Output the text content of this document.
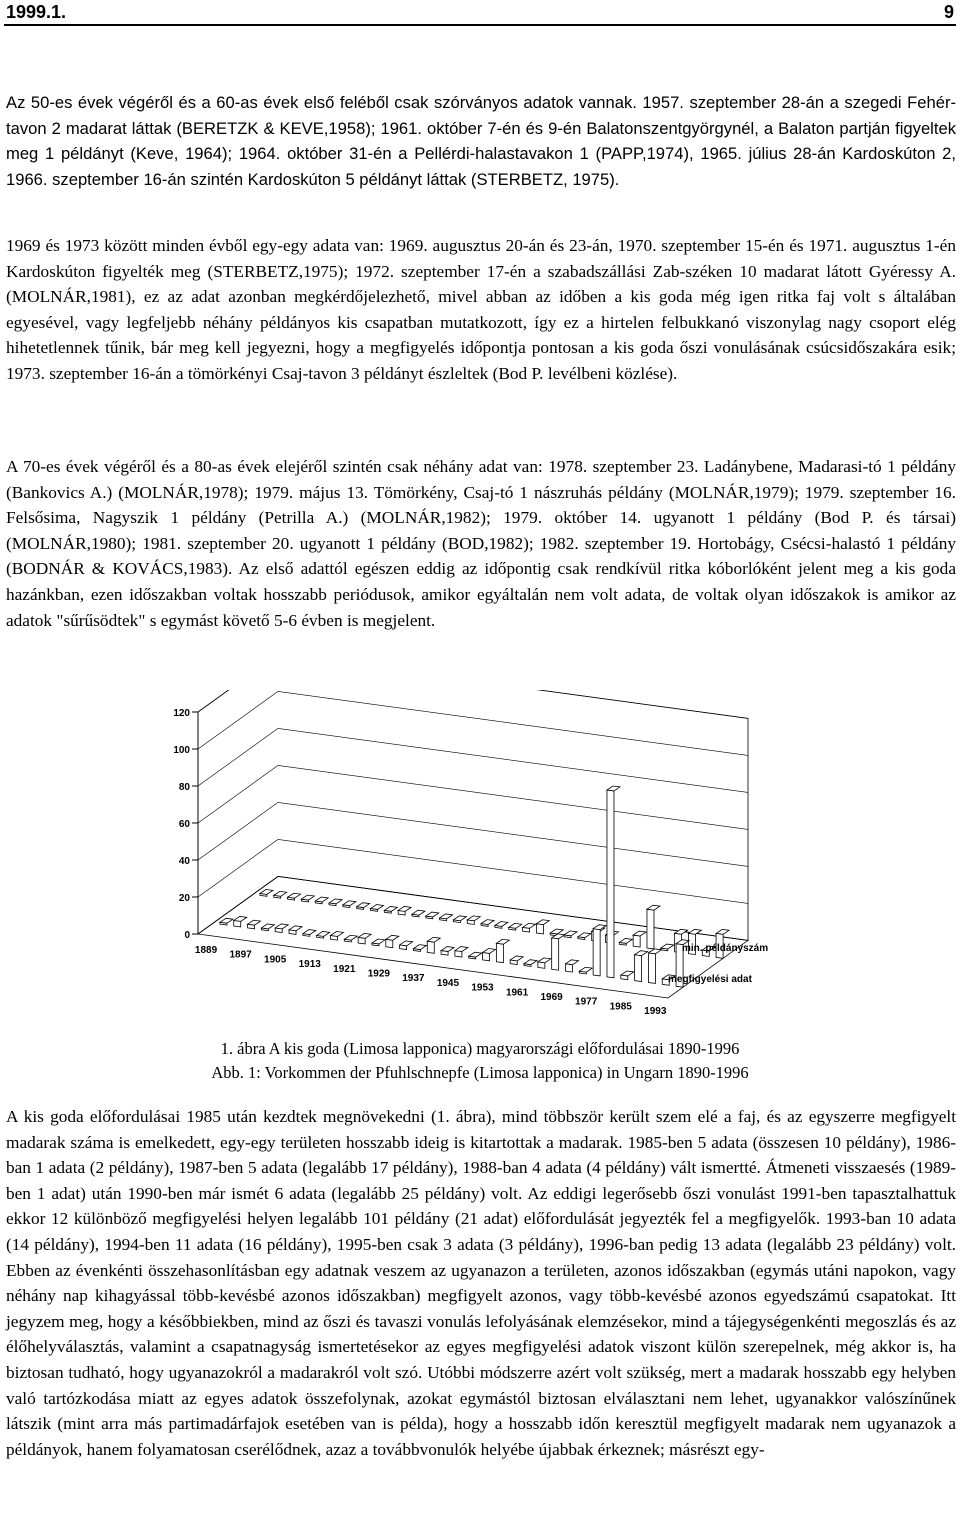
1999.1.	9

Az 50-es évek végéről és a 60-as évek első feléből csak szórványos adatok vannak. 1957. szeptember 28-án a szegedi Fehér-tavon 2 madarat láttak (BERETZK & KEVE,1958); 1961. október 7-én és 9-én Balatonszentgyörgynél, a Balaton partján figyeltek meg 1 példányt (Keve, 1964); 1964. október 31-én a Pellérdi-halastavakon 1 (PAPP,1974), 1965. július 28-án Kardoskúton 2, 1966. szeptember 16-án szintén Kardoskúton 5 példányt láttak (STERBETZ, 1975).

1969 és 1973 között minden évből egy-egy adata van: 1969. augusztus 20-án és 23-án, 1970. szeptember 15-én és 1971. augusztus 1-én Kardoskúton figyelték meg (STERBETZ,1975); 1972. szeptember 17-én a szabadszállási Zab-széken 10 madarat látott Gyéressy A. (MOLNÁR,1981), ez az adat azonban megkérdőjelezhető, mivel abban az időben a kis goda még igen ritka faj volt s általában egyesével, vagy legfeljebb néhány példányos kis csapatban mutatkozott, így ez a hirtelen felbukkanó viszonylag nagy csoport elég hihetetlennek tűnik, bár meg kell jegyezni, hogy a megfigyelés időpontja pontosan a kis goda őszi vonulásának csúcsidőszakára esik; 1973. szeptember 16-án a tömörkényi Csaj-tavon 3 példányt észleltek (Bod P. levélbeni közlése).

A 70-es évek végéről és a 80-as évek elejéről szintén csak néhány adat van: 1978. szeptember 23. Ladánybene, Madarasi-tó 1 példány (Bankovics A.) (MOLNÁR,1978); 1979. május 13. Tömörkény, Csaj-tó 1 nászruhás példány (MOLNÁR,1979); 1979. szeptember 16. Felsősima, Nagyszik 1 példány (Petrilla A.) (MOLNÁR,1982); 1979. október 14. ugyanott 1 példány (Bod P. és társai) (MOLNÁR,1980); 1981. szeptember 20. ugyanott 1 példány (BOD,1982); 1982. szeptember 19. Hortobágy, Csécsi-halastó 1 példány (BODNÁR & KOVÁCS,1983). Az első adattól egészen eddig az időpontig csak rendkívül ritka kóborlóként jelent meg a kis goda hazánkban, ezen időszakban voltak hosszabb periódusok, amikor egyáltalán nem volt adata, de voltak olyan időszakok is amikor az adatok "sűrűsödtek" s egymást követő 5-6 évben is megjelent.

0
20
40
60
80
100
120
1889 1897 1905 1913 1921 1929 1937 1945 1953 1961 1969 1977 1985 1993
min. példányszám
megfigyelési adat
1. ábra A kis goda (Limosa lapponica) magyarországi előfordulásai 1890-1996
Abb. 1: Vorkommen der Pfuhlschnepfe (Limosa lapponica) in Ungarn 1890-1996

A kis goda előfordulásai 1985 után kezdtek megnövekedni (1. ábra), mind többször került szem elé a faj, és az egyszerre megfigyelt madarak száma is emelkedett, egy-egy területen hosszabb ideig is kitartottak a madarak. 1985-ben 5 adata (összesen 10 példány), 1986-ban 1 adata (2 példány), 1987-ben 5 adata (legalább 17 példány), 1988-ban 4 adata (4 példány) vált ismertté. Átmeneti visszaesés (1989-ben 1 adat) után 1990-ben már ismét 6 adata (legalább 25 példány) volt. Az eddigi legerősebb őszi vonulást 1991-ben tapasztalhattuk ekkor 12 különböző megfigyelési helyen legalább 101 példány (21 adat) előfordulását jegyezték fel a megfigyelők. 1993-ban 10 adata (14 példány), 1994-ben 11 adata (16 példány), 1995-ben csak 3 adata (3 példány), 1996-ban pedig 13 adata (legalább 23 példány) volt. Ebben az évenkénti összehasonlításban egy adatnak veszem az ugyanazon a területen, azonos időszakban (egymás utáni napokon, vagy néhány nap kihagyással több-kevésbé azonos időszakban) megfigyelt azonos, vagy több-kevésbé azonos egyedszámú csapatokat. Itt jegyzem meg, hogy a későbbiekben, mind az őszi és tavaszi vonulás lefolyásának elemzésekor, mind a tájegységenkénti megoszlás és az élőhelyválasztás, valamint a csapatnagyság ismertetésekor az egyes megfigyelési adatok viszont külön szerepelnek, még akkor is, ha biztosan tudható, hogy ugyanazokról a madarakról volt szó. Utóbbi módszerre azért volt szükség, mert a madarak hosszabb egy helyben való tartózkodása miatt az egyes adatok összefolynak, azokat egymástól biztosan elválasztani nem lehet, ugyanakkor valószínűnek látszik (mint arra más partimadárfajok esetében van is példa), hogy a hosszabb időn keresztül megfigyelt madarak nem ugyanazok a példányok, hanem folyamatosan cserélődnek, azaz a továbbvonulók helyébe újabbak érkeznek; másrészt egy-
